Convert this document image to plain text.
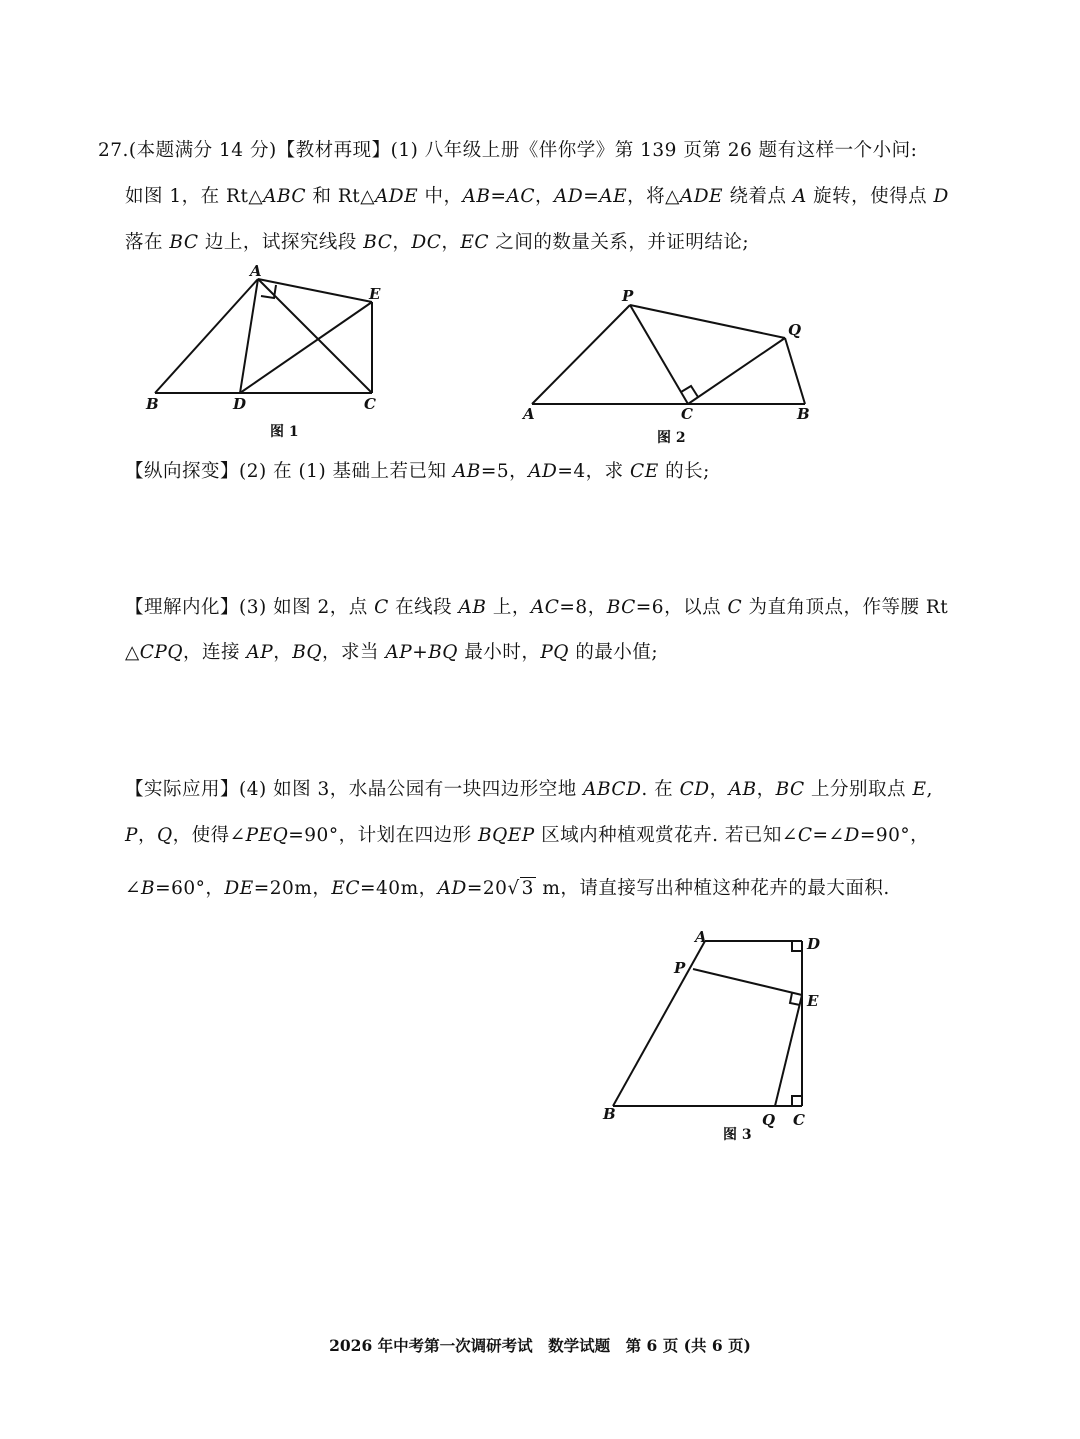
27.(本题满分 14 分)【教材再现】(1) 八年级上册《伴你学》第 139 页第 26 题有这样一个小问:
如图 1，在 Rt△ABC 和 Rt△ADE 中，AB=AC，AD=AE，将△ADE 绕着点 A 旋转，使得点 D
落在 BC 边上，试探究线段 BC，DC，EC 之间的数量关系，并证明结论;
A
E
B	D	C
图 1
P
Q
A	C	B
图 2
【纵向探变】(2) 在 (1) 基础上若已知 AB=5，AD=4，求 CE 的长;
【理解内化】(3) 如图 2，点 C 在线段 AB 上，AC=8，BC=6，以点 C 为直角顶点，作等腰 Rt
△CPQ，连接 AP，BQ，求当 AP+BQ 最小时，PQ 的最小值;
【实际应用】(4) 如图 3，水晶公园有一块四边形空地 ABCD. 在 CD，AB，BC 上分别取点 E,
P，Q，使得∠PEQ=90°，计划在四边形 BQEP 区域内种植观赏花卉. 若已知∠C=∠D=90°，
∠B=60°，DE=20m，EC=40m，AD=20√ 3 m，请直接写出种植这种花卉的最大面积.
A	D
P
E
B	Q C
图 3
2026 年中考第一次调研考试　数学试题　第 6 页 (共 6 页)
